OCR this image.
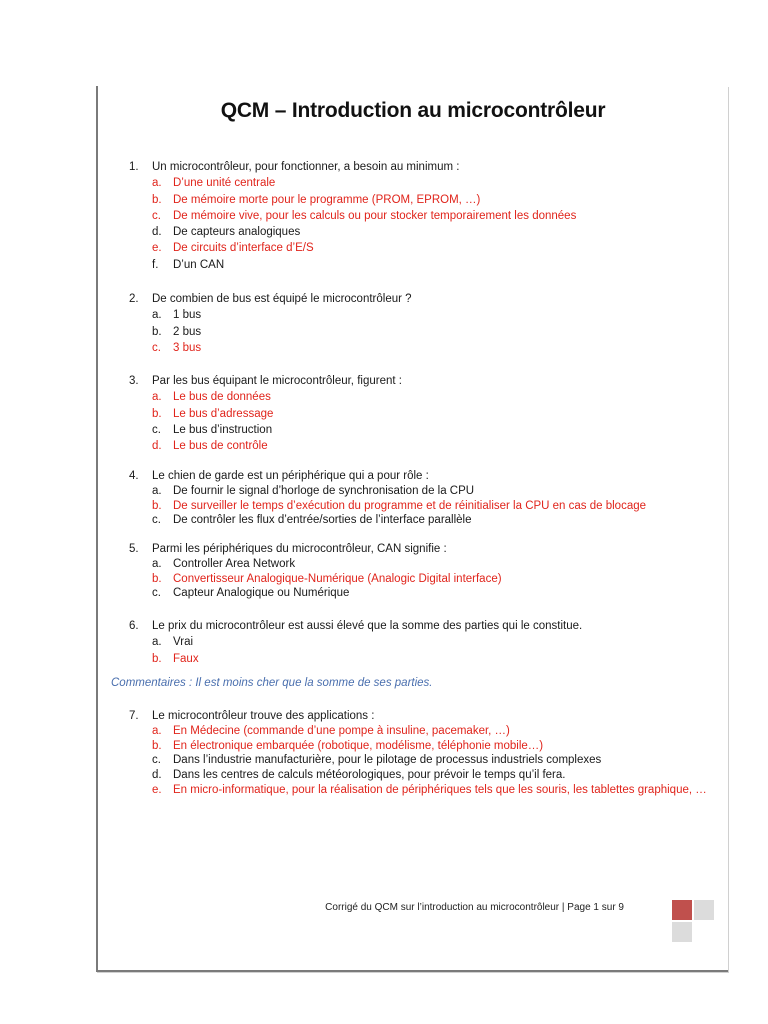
QCM – Introduction au microcontrôleur
1.	Un microcontrôleur, pour fonctionner, a besoin au minimum :
a. D’une unité centrale
b. De mémoire morte pour le programme (PROM, EPROM, …)
c.	De mémoire vive, pour les calculs ou pour stocker temporairement les données
d. De capteurs analogiques
e. De circuits d’interface d’E/S
f.	D’un CAN
2.	De combien de bus est équipé le microcontrôleur ?
a. 1 bus
b. 2 bus
c.	3 bus
3.	Par les bus équipant le microcontrôleur, figurent :
a. Le bus de données
b. Le bus d’adressage
c.	Le bus d’instruction
d. Le bus de contrôle
4.	Le chien de garde est un périphérique qui a pour rôle :
a. De fournir le signal d’horloge de synchronisation de la CPU
b. De surveiller le temps d’exécution du programme et de réinitialiser la CPU en cas de blocage
c.	De contrôler les flux d’entrée/sorties de l’interface parallèle
5.	Parmi les périphériques du microcontrôleur, CAN signifie :
a. Controller Area Network
b. Convertisseur Analogique-Numérique (Analogic Digital interface)
c.	Capteur Analogique ou Numérique
6.	Le prix du microcontrôleur est aussi élevé que la somme des parties qui le constitue.
a. Vrai
b. Faux
7.	Le microcontrôleur trouve des applications :
a. En Médecine (commande d’une pompe à insuline, pacemaker, …)
b. En électronique embarquée (robotique, modélisme, téléphonie mobile…)
c.	Dans l’industrie manufacturière, pour le pilotage de processus industriels complexes
d. Dans les centres de calculs météorologiques, pour prévoir le temps qu’il fera.
e. En micro-informatique, pour la réalisation de périphériques tels que les souris, les tablettes graphique, …
Commentaires : Il est moins cher que la somme de ses parties.
Corrigé du QCM sur l’introduction au microcontrôleur | Page 1 sur 9
